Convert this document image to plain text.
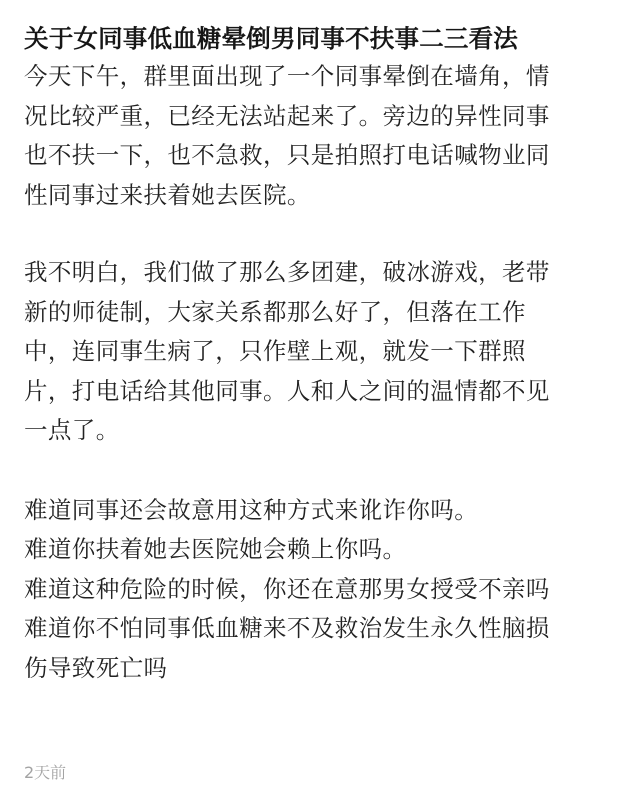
关于女同事低血糖晕倒男同事不扶事二三看法
今天下午，群里面出现了一个同事晕倒在墙角，情
况比较严重，已经无法站起来了。旁边的异性同事
也不扶一下，也不急救，只是拍照打电话喊物业同
性同事过来扶着她去医院。
我不明白，我们做了那么多团建，破冰游戏，老带
新的师徒制，大家关系都那么好了，但落在工作
中，连同事生病了，只作壁上观，就发一下群照
片，打电话给其他同事。人和人之间的温情都不见
一点了。
难道同事还会故意用这种方式来讹诈你吗。
难道你扶着她去医院她会赖上你吗。
难道这种危险的时候，你还在意那男女授受不亲吗
难道你不怕同事低血糖来不及救治发生永久性脑损
伤导致死亡吗
2天前
